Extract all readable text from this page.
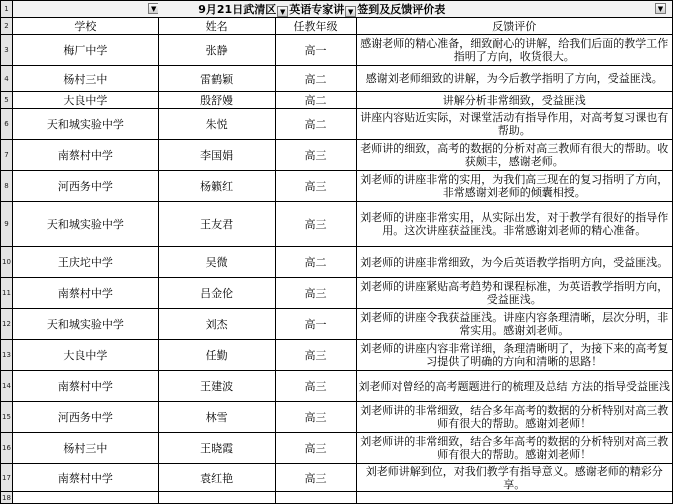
1	▼	9月21日武清区 ▼ 英语专家讲 ▼ 签到及反馈评价表 ▼		

2	学校	姓名	任教年级	反馈评价
3	梅厂中学	张静	高一	感谢老师的精心准备，细致耐心的讲解，给我们后面的教学工作指明了方向，收货很大。
4	杨村三中	雷鹤颖	高二	感谢刘老师细致的讲解，为今后教学指明了方向，受益匪浅。
5	大良中学	殷舒嫚	高二	讲解分析非常细致，受益匪浅
6	天和城实验中学	朱悦	高二	讲座内容贴近实际，对课堂活动有指导作用，对高考复习课也有帮助。
7	南蔡村中学	李国娟	高三	老师讲的细致，高考的数据的分析对高三教师有很大的帮助。收获颇丰，感谢老师。
8	河西务中学	杨籁红	高三	刘老师的讲座非常的实用，为我们高三现在的复习指明了方向，非常感谢刘老师的倾囊相授。
9	天和城实验中学	王友君	高三	刘老师的讲座非常实用，从实际出发，对于教学有很好的指导作用。这次讲座获益匪浅。非常感谢刘老师的精心准备。
10	王庆坨中学	吴微	高二	刘老师的讲座非常细致，为今后英语教学指明方向，受益匪浅。
11	南蔡村中学	吕金伦	高三	刘老师的讲座紧贴高考趋势和课程标准，为英语教学指明方向，受益匪浅。
12	天和城实验中学	刘杰	高一	刘老师的讲座令我获益匪浅。讲座内容条理清晰，层次分明，非常实用。感谢刘老师。
13	大良中学	任勤	高三	刘老师的讲座内容非常详细，条理清晰明了，为接下来的高考复习提供了明确的方向和清晰的思路！
14	南蔡村中学	王建波	高三	刘老师对曾经的高考题题进行的梳理及总结 方法的指导受益匪浅
15	河西务中学	林雪	高三	刘老师讲的非常细致，结合多年高考的数据的分析特别对高三教师有很大的帮助。感谢刘老师！
16	杨村三中	王晓霞	高三	刘老师讲的非常细致，结合多年高考的数据的分析特别对高三教师有很大的帮助。感谢刘老师！
17	南蔡村中学	袁红艳	高三	刘老师讲解到位，对我们教学有指导意义。感谢老师的精彩分享。
18				
